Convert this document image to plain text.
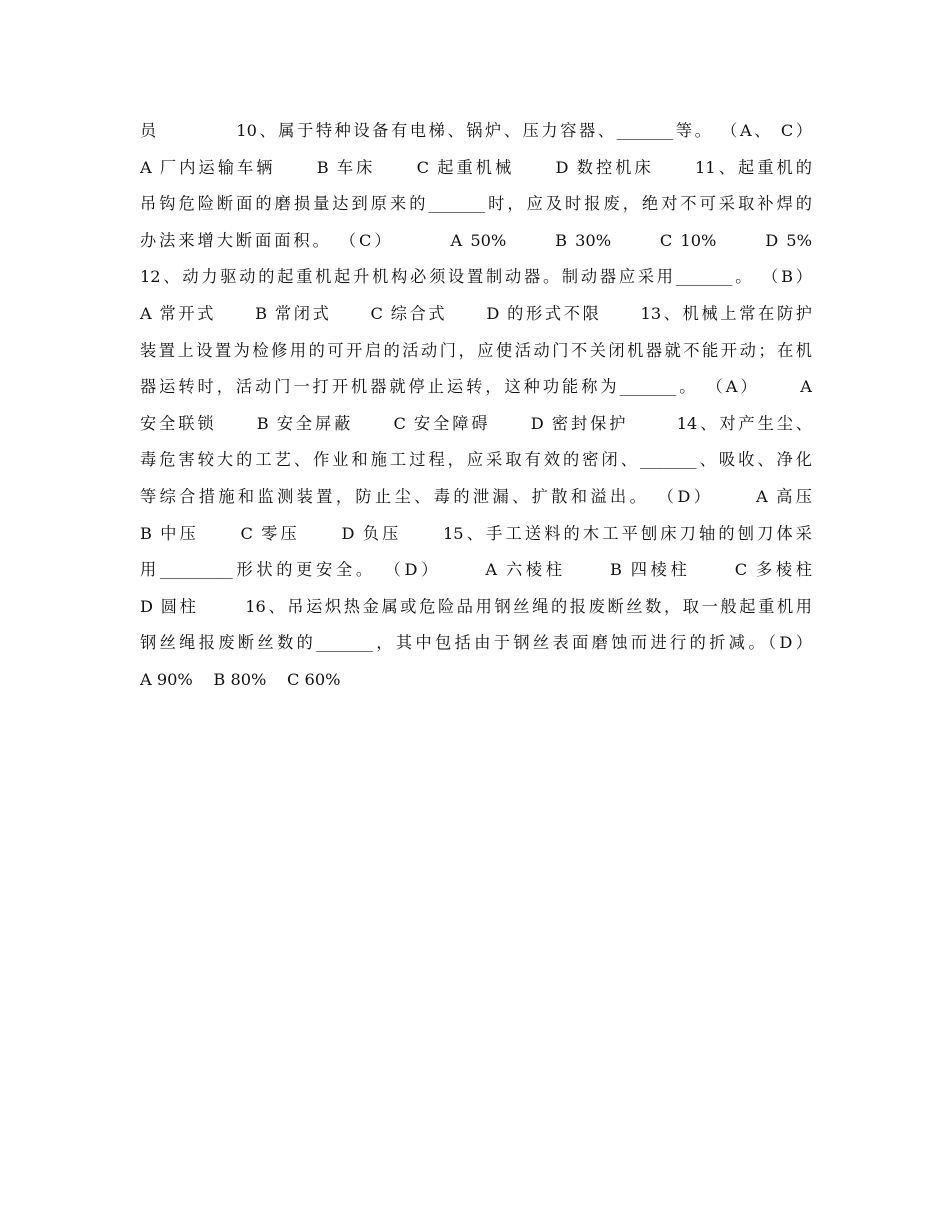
员          10、属于特种设备有电梯、锅炉、压力容器、_______等。 （A、 C）
A 厂内运输车辆     B 车床     C 起重机械     D 数控机床     11、起重机的
吊钩危险断面的磨损量达到原来的_______时，应及时报废，绝对不可采取补焊的
办法来增大断面面积。 （C）       A 50%      B 30%      C 10%      D 5%
12、动力驱动的起重机起升机构必须设置制动器。制动器应采用_______。 （B）
A 常开式     B 常闭式     C 综合式     D 的形式不限     13、机械上常在防护
装置上设置为检修用的可开启的活动门，应使活动门不关闭机器就不能开动；在机
器运转时，活动门一打开机器就停止运转，这种功能称为_______。 （A）     A
安全联锁     B 安全屏蔽     C 安全障碍     D 密封保护      14、对产生尘、
毒危害较大的工艺、作业和施工过程，应采取有效的密闭、_______、吸收、净化
等综合措施和监测装置，防止尘、毒的泄漏、扩散和溢出。 （D）     A 高压
B 中压     C 零压     D 负压     15、手工送料的木工平刨床刀轴的刨刀体采
用_________形状的更安全。 （D）     A 六棱柱     B 四棱柱     C 多棱柱
D 圆柱      16、吊运炽热金属或危险品用钢丝绳的报废断丝数，取一般起重机用
钢丝绳报废断丝数的_______，其中包括由于钢丝表面磨蚀而进行的折减。（D）
A 90%    B 80%    C 60%
